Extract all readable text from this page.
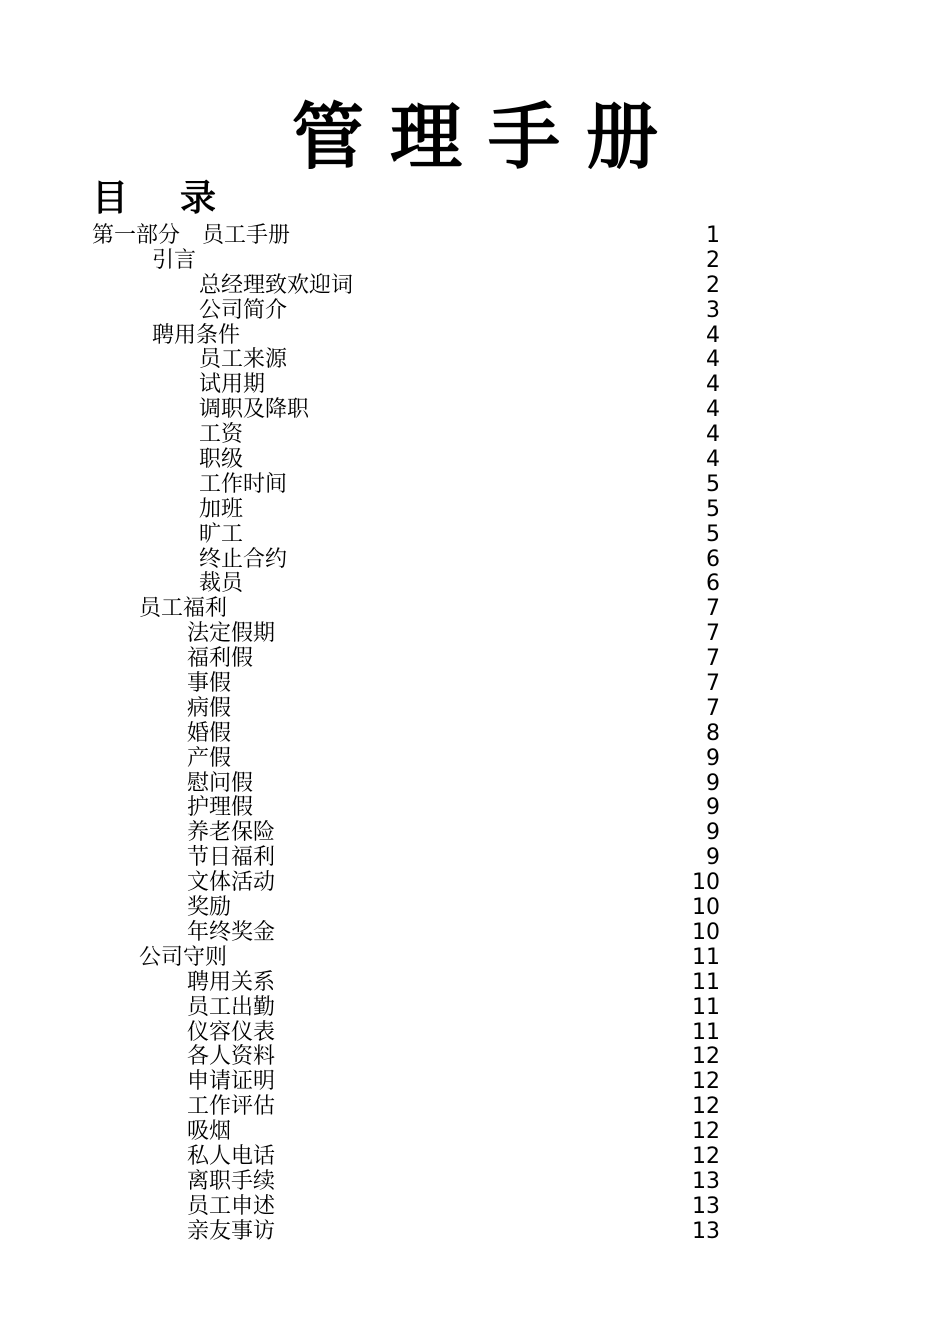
管理手册
目录
第一部分　员工手册	1
引言	2
总经理致欢迎词	2
公司简介	3
聘用条件	4
员工来源	4
试用期	4
调职及降职	4
工资	4
职级	4
工作时间	5
加班	5
旷工	5
终止合约	6
裁员	6
员工福利	7
法定假期	7
福利假	7
事假	7
病假	7
婚假	8
产假	9
慰问假	9
护理假	9
养老保险	9
节日福利	9
文体活动	10
奖励	10
年终奖金	10
公司守则	11
聘用关系	11
员工出勤	11
仪容仪表	11
各人资料	12
申请证明	12
工作评估	12
吸烟	12
私人电话	12
离职手续	13
员工申述	13
亲友事访	13
